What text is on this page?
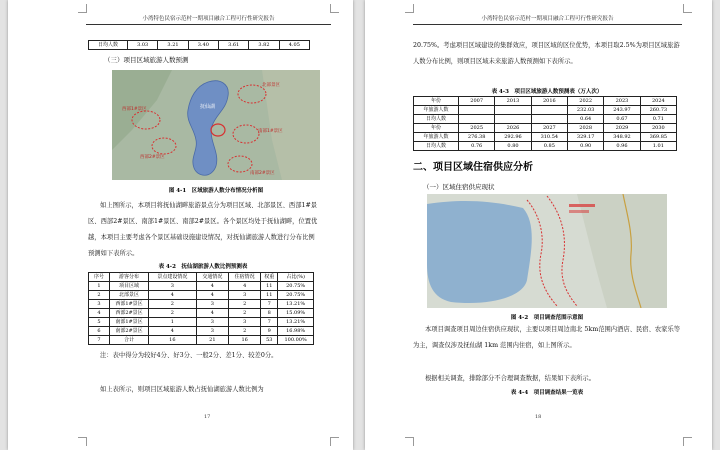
小湾特色民宿示范村一期项目融合工程可行性研究报告
日均人数	3.03	3.21	3.40	3.61	3.82	4.05
（三）项目区域旅游人数预测
北部景区
西部1#景区
西部2#景区
南部1#景区
南部2#景区
抚仙湖
图 4-1　区域旅游人数分布情况分析图
如上图所示，本项目将抚仙湖畔旅游景点分为项目区域、北部景区、西部1#景区、西部2#景区、南部1#景区、南部2#景区。各个景区均处于抚仙湖畔，位置优越，本项目主要考虑各个景区基础设施建设情况，对抚仙湖旅游人数进行分布比例预测如下表所示。
表 4-2　抚仙湖旅游人数比例预测表
序号	游客分布	景点建设情况	交通情况	住宿情况	权重	占比(%)
1	项目区域	3	4	4	11	20.75%
2	北部景区	4	4	3	11	20.75%
3	西部1#景区	2	3	2	7	13.21%
4	西部2#景区	2	4	2	8	15.09%
5	南部1#景区	1	3	3	7	13.21%
6	南部2#景区	4	3	2	9	16.98%
7	合计	16	21	16	53	100.00%
注：表中得分为较好4分、好3分、一般2分、差1分、较差0分。
如上表所示，则项目区域旅游人数占抚仙湖旅游人数比例为
17
小湾特色民宿示范村一期项目融合工程可行性研究报告
20.75%。考虑项目区域建设的集群效应，项目区域的区位优势，本项目取2.5%为项目区域旅游人数分布比例，则项目区域未来旅游人数预测如下表所示。
表 4-3　项目区域旅游人数预测表（万人次）
年份	2007	2013	2016	2022	2023	2024
年旅游人数				232.03	243.97	260.73
日均人数				0.64	0.67	0.71
年份	2025	2026	2027	2028	2029	2030
年旅游人数	276.38	292.96	310.54	329.17	348.92	369.85
日均人数	0.76	0.80	0.85	0.90	0.96	1.01
二、项目区域住宿供应分析
（一）区域住宿供应现状
图 4-2　项目调查范围示意图
本项目调查项目周边住宿供应现状，主要以项目周边南北 5km范围内酒店、民宿、农家乐等为主，调查仅涉及抚仙湖 1km 范围内住宿，如上图所示。
根据相关调查，排除部分不合理调查数据，结果如下表所示。
表 4-4　项目调查结果一览表
18
